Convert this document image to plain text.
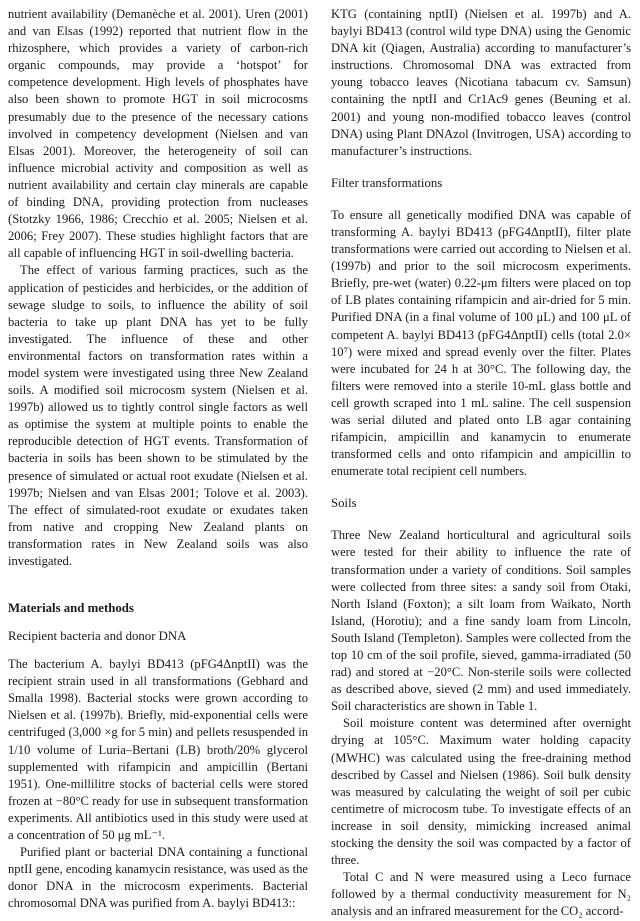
nutrient availability (Demanèche et al. 2001). Uren (2001) and van Elsas (1992) reported that nutrient flow in the rhizosphere, which provides a variety of carbon-rich organic compounds, may provide a ‘hotspot’ for competence development. High levels of phosphates have also been shown to promote HGT in soil microcosms presumably due to the presence of the necessary cations involved in competency development (Nielsen and van Elsas 2001). Moreover, the heterogeneity of soil can influence microbial activity and composition as well as nutrient availability and certain clay minerals are capable of binding DNA, providing protection from nucleases (Stotzky 1966, 1986; Crecchio et al. 2005; Nielsen et al. 2006; Frey 2007). These studies highlight factors that are all capable of influencing HGT in soil-dwelling bacteria.

The effect of various farming practices, such as the application of pesticides and herbicides, or the addition of sewage sludge to soils, to influence the ability of soil bacteria to take up plant DNA has yet to be fully investigated. The influence of these and other environmental factors on transformation rates within a model system were investigated using three New Zealand soils. A modified soil microcosm system (Nielsen et al. 1997b) allowed us to tightly control single factors as well as optimise the system at multiple points to enable the reproducible detection of HGT events. Transformation of bacteria in soils has been shown to be stimulated by the presence of simulated or actual root exudate (Nielsen et al. 1997b; Nielsen and van Elsas 2001; Tolove et al. 2003). The effect of simulated-root exudate or exudates taken from native and cropping New Zealand plants on transformation rates in New Zealand soils was also investigated.

Materials and methods

Recipient bacteria and donor DNA

The bacterium A. baylyi BD413 (pFG4ΔnptII) was the recipient strain used in all transformations (Gebhard and Smalla 1998). Bacterial stocks were grown according to Nielsen et al. (1997b). Briefly, mid-exponential cells were centrifuged (3,000 ×g for 5 min) and pellets resuspended in 1/10 volume of Luria–Bertani (LB) broth/20% glycerol supplemented with rifampicin and ampicillin (Bertani 1951). One-millilitre stocks of bacterial cells were stored frozen at −80°C ready for use in subsequent transformation experiments. All antibiotics used in this study were used at a concentration of 50 μg mL⁻¹.

Purified plant or bacterial DNA containing a functional nptII gene, encoding kanamycin resistance, was used as the donor DNA in the microcosm experiments. Bacterial chromosomal DNA was purified from A. baylyi BD413::

KTG (containing nptII) (Nielsen et al. 1997b) and A. baylyi BD413 (control wild type DNA) using the Genomic DNA kit (Qiagen, Australia) according to manufacturer’s instructions. Chromosomal DNA was extracted from young tobacco leaves (Nicotiana tabacum cv. Samsun) containing the nptII and Cr1Ac9 genes (Beuning et al. 2001) and young non-modified tobacco leaves (control DNA) using Plant DNAzol (Invitrogen, USA) according to manufacturer’s instructions.

Filter transformations

To ensure all genetically modified DNA was capable of transforming A. baylyi BD413 (pFG4ΔnptII), filter plate transformations were carried out according to Nielsen et al. (1997b) and prior to the soil microcosm experiments. Briefly, pre-wet (water) 0.22-μm filters were placed on top of LB plates containing rifampicin and air-dried for 5 min. Purified DNA (in a final volume of 100 μL) and 100 μL of competent A. baylyi BD413 (pFG4ΔnptII) cells (total 2.0× 10⁷) were mixed and spread evenly over the filter. Plates were incubated for 24 h at 30°C. The following day, the filters were removed into a sterile 10-mL glass bottle and cell growth scraped into 1 mL saline. The cell suspension was serial diluted and plated onto LB agar containing rifampicin, ampicillin and kanamycin to enumerate transformed cells and onto rifampicin and ampicillin to enumerate total recipient cell numbers.

Soils

Three New Zealand horticultural and agricultural soils were tested for their ability to influence the rate of transformation under a variety of conditions. Soil samples were collected from three sites: a sandy soil from Otaki, North Island (Foxton); a silt loam from Waikato, North Island, (Horotiu); and a fine sandy loam from Lincoln, South Island (Templeton). Samples were collected from the top 10 cm of the soil profile, sieved, gamma-irradiated (50 rad) and stored at −20°C. Non-sterile soils were collected as described above, sieved (2 mm) and used immediately. Soil characteristics are shown in Table 1.

Soil moisture content was determined after overnight drying at 105°C. Maximum water holding capacity (MWHC) was calculated using the free-draining method described by Cassel and Nielsen (1986). Soil bulk density was measured by calculating the weight of soil per cubic centimetre of microcosm tube. To investigate effects of an increase in soil density, mimicking increased animal stocking the density the soil was compacted by a factor of three.

Total C and N were measured using a Leco furnace followed by a thermal conductivity measurement for N₂ analysis and an infrared measurement for the CO₂ accord-
